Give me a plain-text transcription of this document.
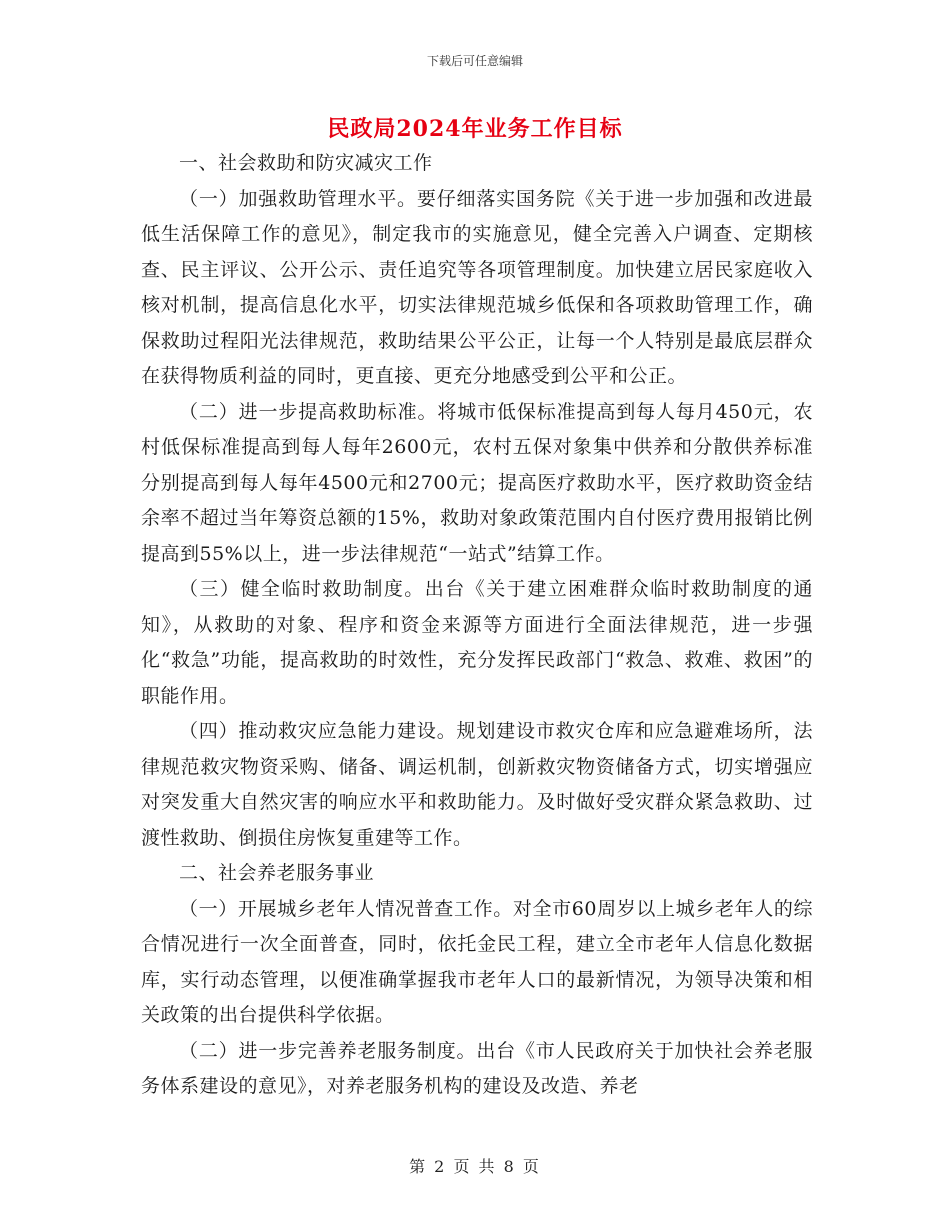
下载后可任意编辑
民政局2024年业务工作目标

一、社会救助和防灾减灾工作

（一）加强救助管理水平。要仔细落实国务院《关于进一步加强和改进最低生活保障工作的意见》，制定我市的实施意见，健全完善入户调查、定期核查、民主评议、公开公示、责任追究等各项管理制度。加快建立居民家庭收入核对机制，提高信息化水平，切实法律规范城乡低保和各项救助管理工作，确保救助过程阳光法律规范，救助结果公平公正，让每一个人特别是最底层群众在获得物质利益的同时，更直接、更充分地感受到公平和公正。

（二）进一步提高救助标准。将城市低保标准提高到每人每月450元，农村低保标准提高到每人每年2600元，农村五保对象集中供养和分散供养标准分别提高到每人每年4500元和2700元；提高医疗救助水平，医疗救助资金结余率不超过当年筹资总额的15%，救助对象政策范围内自付医疗费用报销比例提高到55%以上，进一步法律规范“一站式”结算工作。

（三）健全临时救助制度。出台《关于建立困难群众临时救助制度的通知》，从救助的对象、程序和资金来源等方面进行全面法律规范，进一步强化“救急”功能，提高救助的时效性，充分发挥民政部门“救急、救难、救困”的职能作用。

（四）推动救灾应急能力建设。规划建设市救灾仓库和应急避难场所，法律规范救灾物资采购、储备、调运机制，创新救灾物资储备方式，切实增强应对突发重大自然灾害的响应水平和救助能力。及时做好受灾群众紧急救助、过渡性救助、倒损住房恢复重建等工作。

二、社会养老服务事业

（一）开展城乡老年人情况普查工作。对全市60周岁以上城乡老年人的综合情况进行一次全面普查，同时，依托金民工程，建立全市老年人信息化数据库，实行动态管理，以便准确掌握我市老年人口的最新情况，为领导决策和相关政策的出台提供科学依据。

（二）进一步完善养老服务制度。出台《市人民政府关于加快社会养老服务体系建设的意见》，对养老服务机构的建设及改造、养老

第 2 页 共 8 页
